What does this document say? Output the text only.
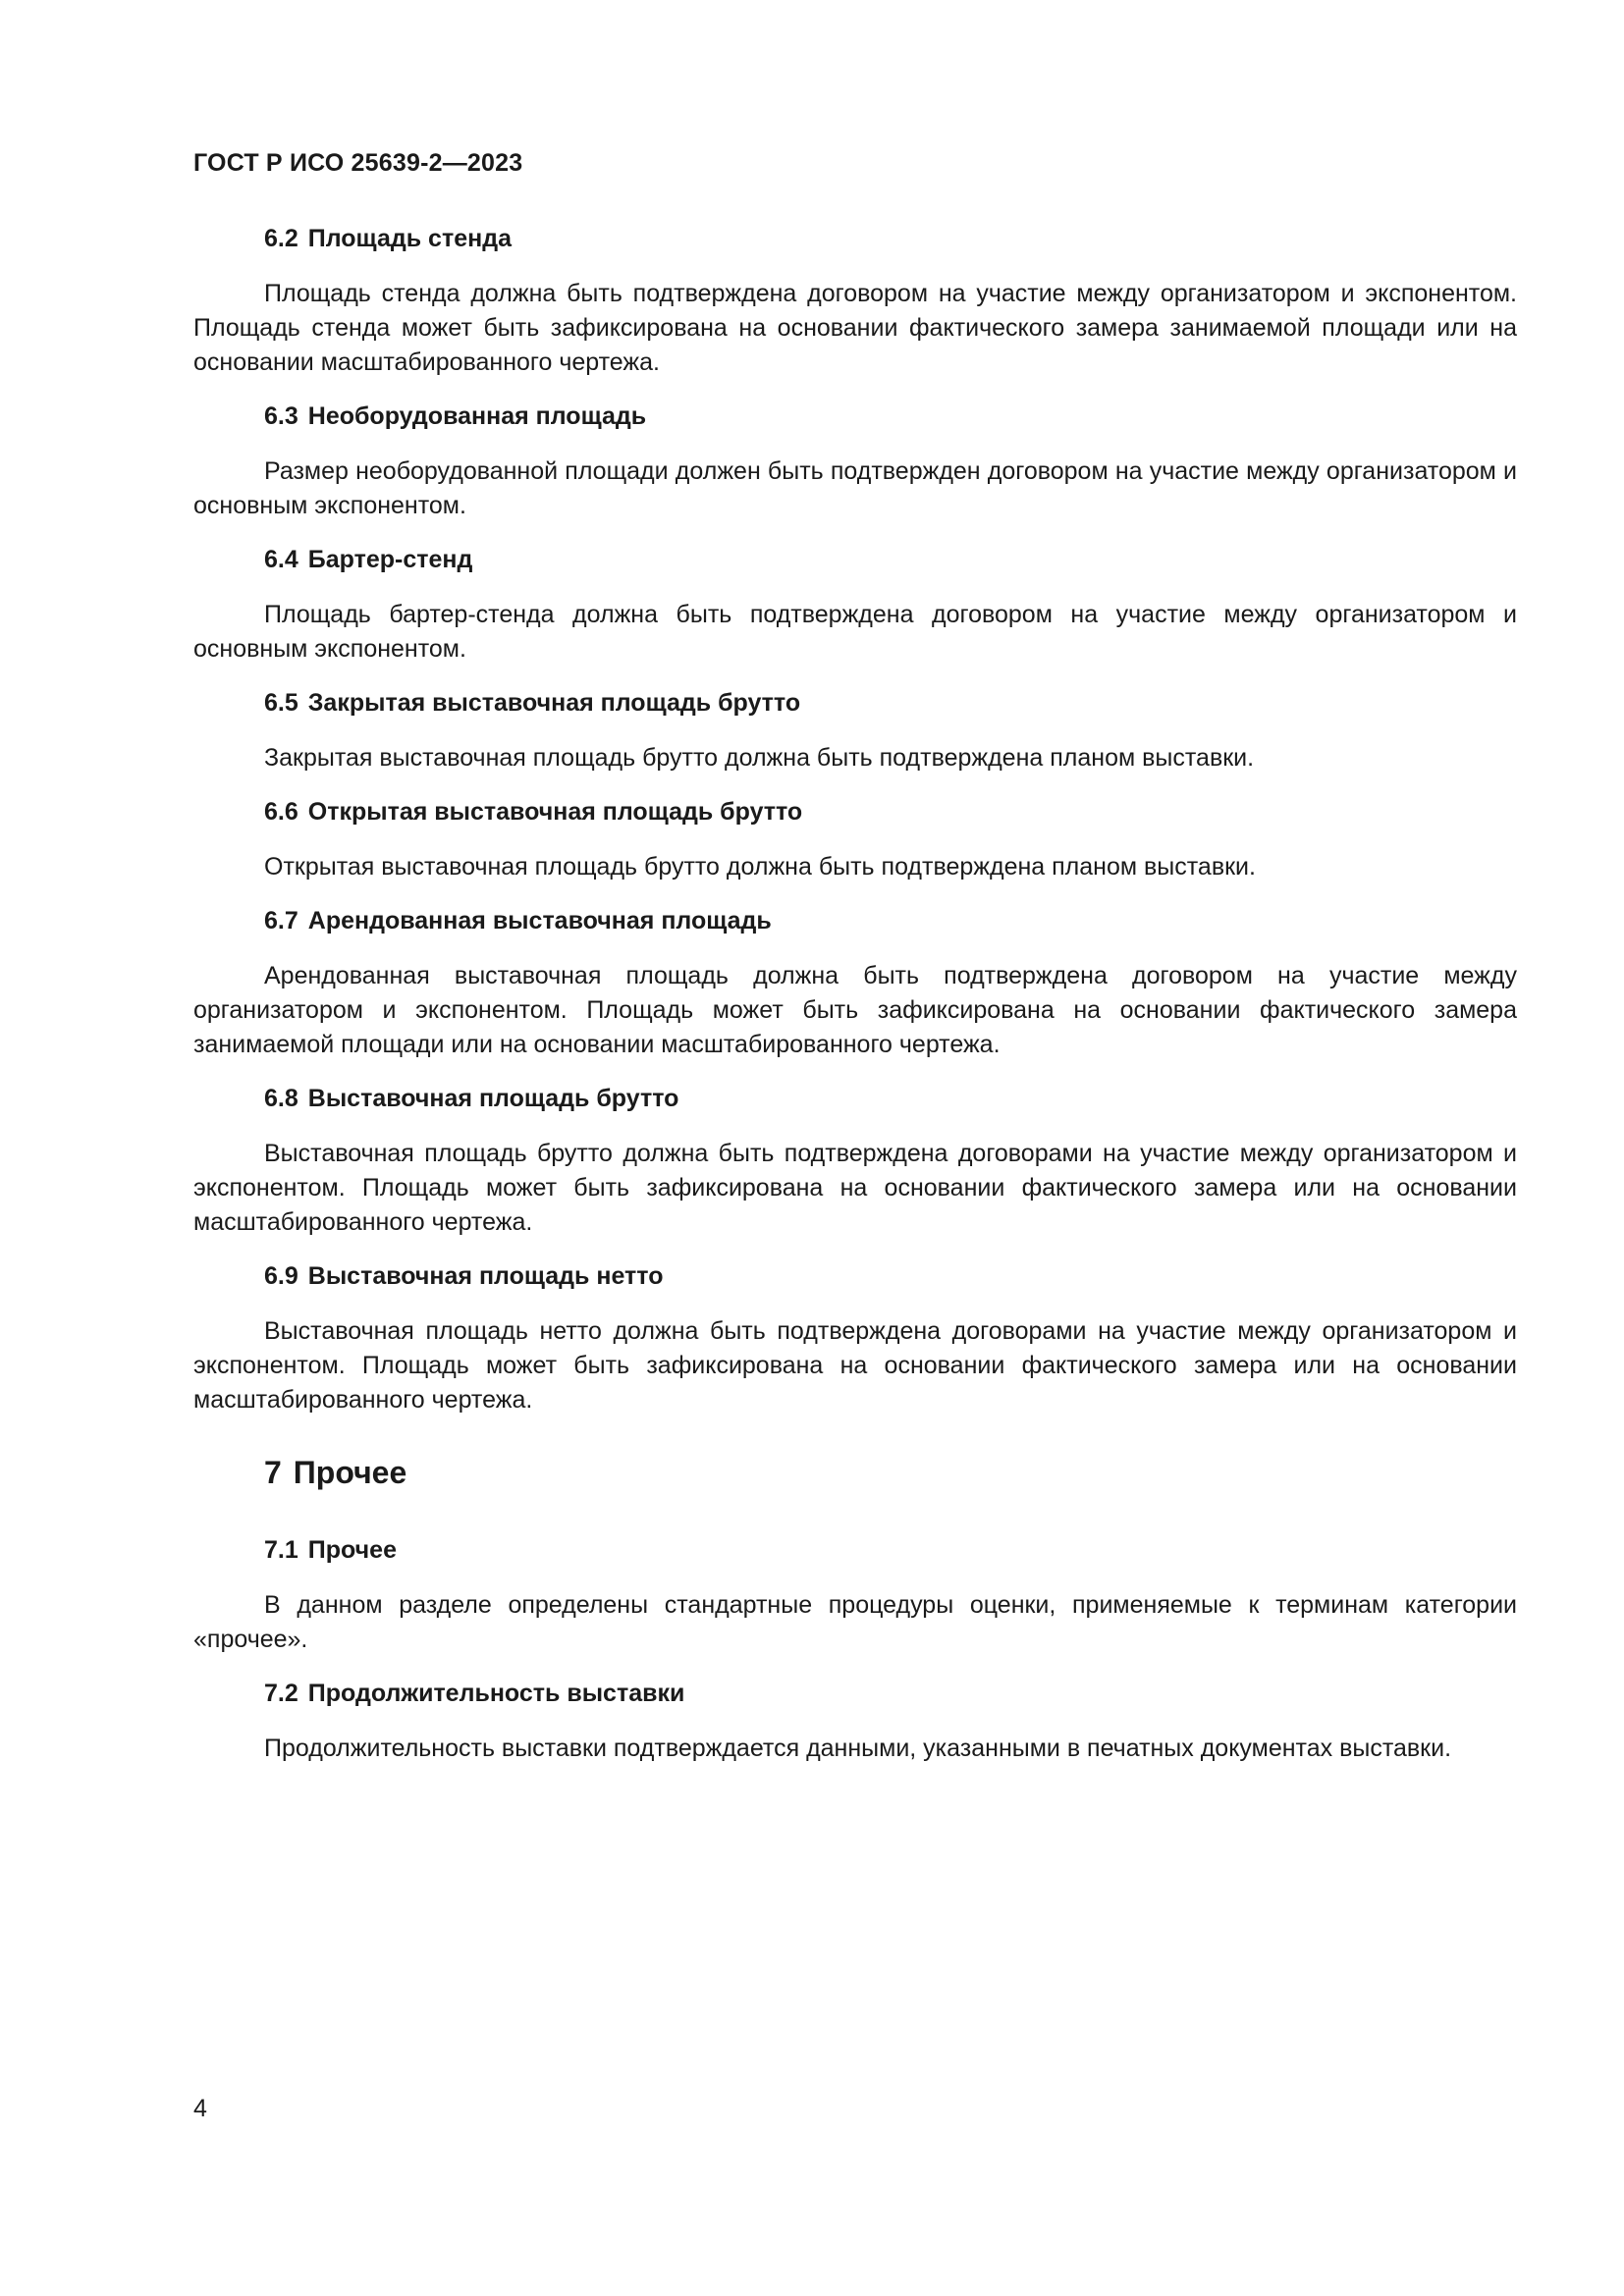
ГОСТ Р ИСО 25639-2—2023

6.2 Площадь стенда

Площадь стенда должна быть подтверждена договором на участие между организатором и экспонентом. Площадь стенда может быть зафиксирована на основании фактического замера занимаемой площади или на основании масштабированного чертежа.

6.3 Необорудованная площадь

Размер необорудованной площади должен быть подтвержден договором на участие между организатором и основным экспонентом.

6.4 Бартер-стенд

Площадь бартер-стенда должна быть подтверждена договором на участие между организатором и основным экспонентом.

6.5 Закрытая выставочная площадь брутто

Закрытая выставочная площадь брутто должна быть подтверждена планом выставки.

6.6 Открытая выставочная площадь брутто

Открытая выставочная площадь брутто должна быть подтверждена планом выставки.

6.7 Арендованная выставочная площадь

Арендованная выставочная площадь должна быть подтверждена договором на участие между организатором и экспонентом. Площадь может быть зафиксирована на основании фактического замера занимаемой площади или на основании масштабированного чертежа.

6.8 Выставочная площадь брутто

Выставочная площадь брутто должна быть подтверждена договорами на участие между организатором и экспонентом. Площадь может быть зафиксирована на основании фактического замера или на основании масштабированного чертежа.

6.9 Выставочная площадь нетто

Выставочная площадь нетто должна быть подтверждена договорами на участие между организатором и экспонентом. Площадь может быть зафиксирована на основании фактического замера или на основании масштабированного чертежа.

7 Прочее
7.1 Прочее

В данном разделе определены стандартные процедуры оценки, применяемые к терминам категории «прочее».

7.2 Продолжительность выставки

Продолжительность выставки подтверждается данными, указанными в печатных документах выставки.

4
